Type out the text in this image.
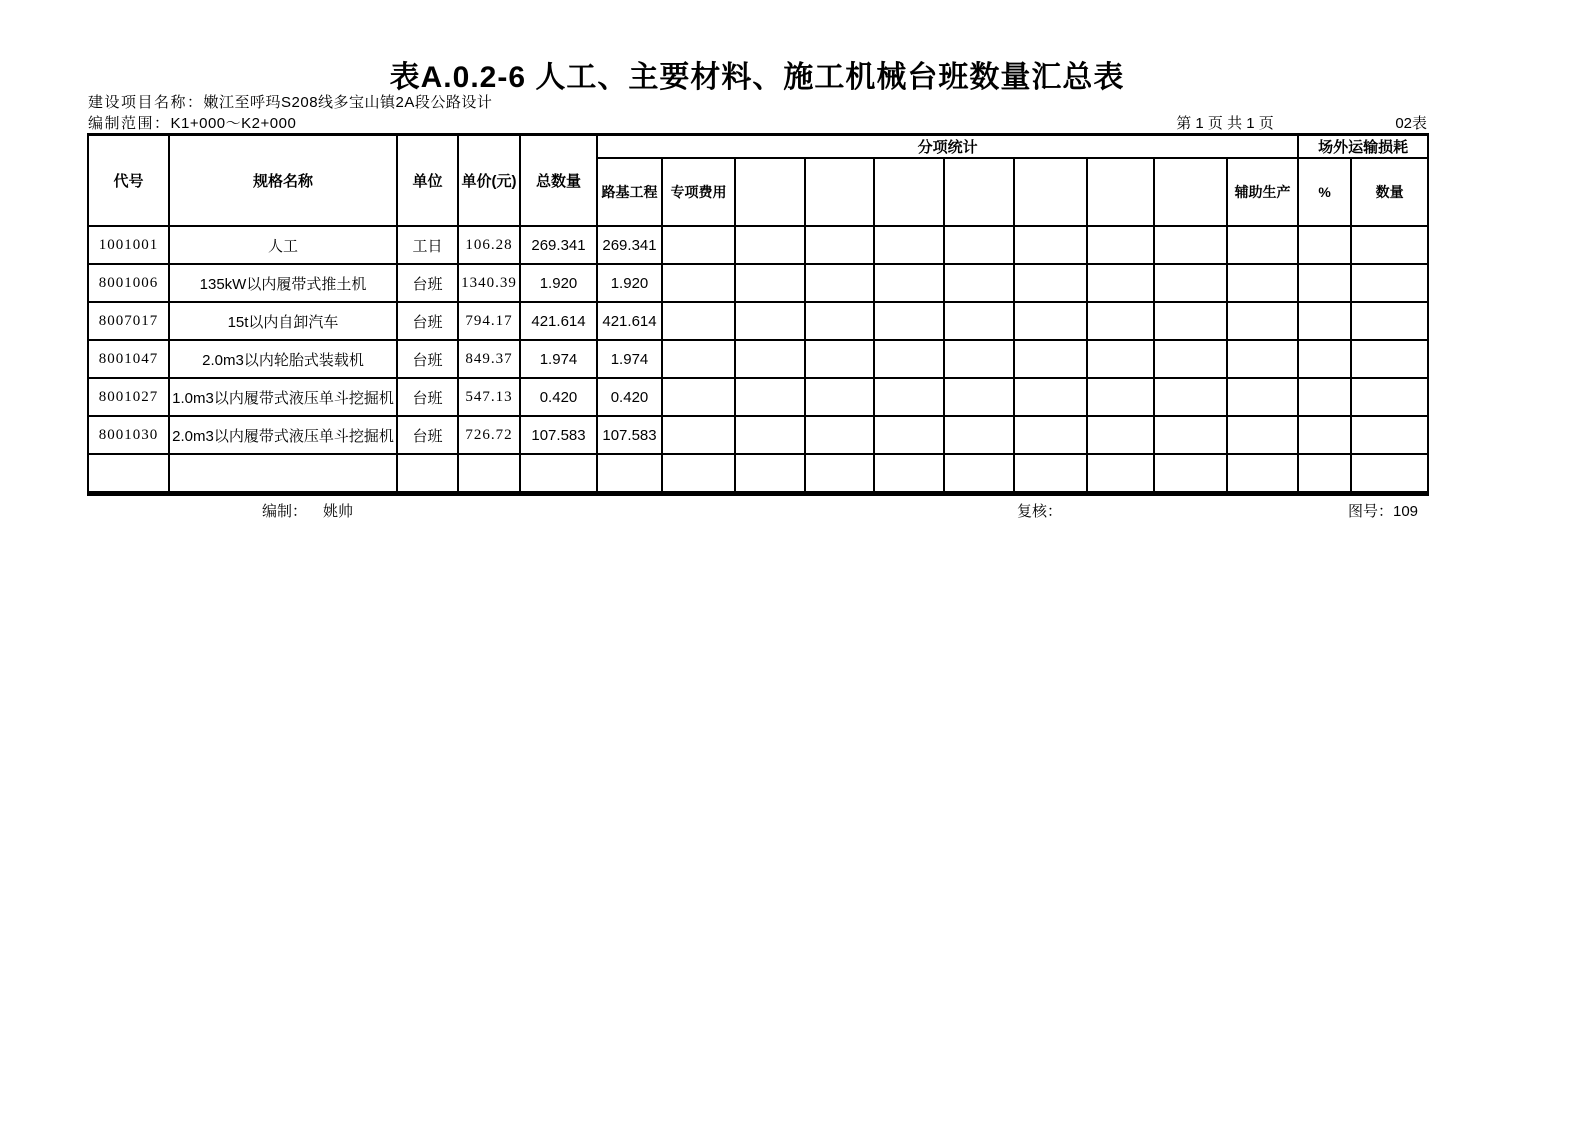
表A.0.2-6 人工、主要材料、施工机械台班数量汇总表
建设项目名称：嫩江至呼玛S208线多宝山镇2A段公路设计
编制范围：K1+000～K2+000	第 1 页 共 1 页	02表
代号	规格名称	单位	单价(元)	总数量	分项统计										场外运输损耗	
					路基工程	专项费用								辅助生产	%	数量
1001001	人工	工日	106.28	269.341	269.341											
8001006	135kW以内履带式推土机	台班	1340.39	1.920	1.920											
8007017	15t以内自卸汽车	台班	794.17	421.614	421.614											
8001047	2.0m3以内轮胎式装载机	台班	849.37	1.974	1.974											
8001027	1.0m3以内履带式液压单斗挖掘机	台班	547.13	0.420	0.420											
8001030	2.0m3以内履带式液压单斗挖掘机	台班	726.72	107.583	107.583											

编制： 姚帅	复核：	图号：109
